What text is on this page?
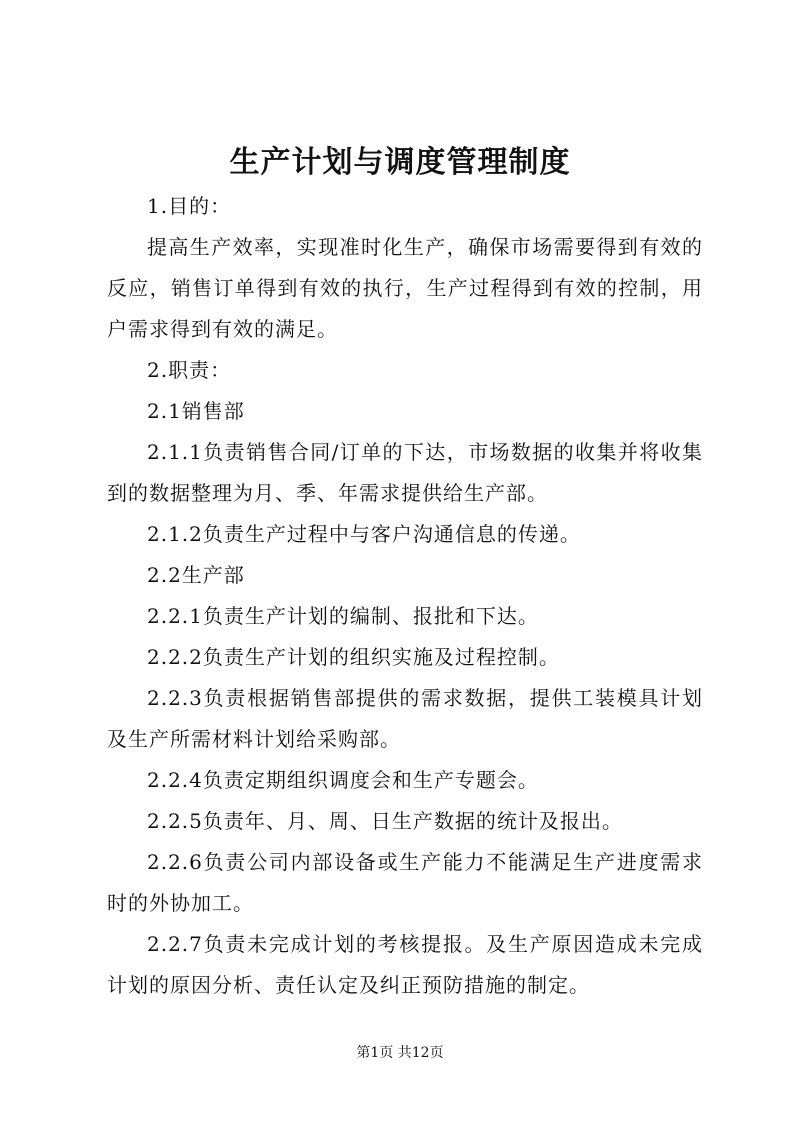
生产计划与调度管理制度

1.目的：

提高生产效率，实现准时化生产，确保市场需要得到有效的反应，销售订单得到有效的执行，生产过程得到有效的控制，用户需求得到有效的满足。

2.职责：

2.1销售部

2.1.1负责销售合同/订单的下达，市场数据的收集并将收集到的数据整理为月、季、年需求提供给生产部。

2.1.2负责生产过程中与客户沟通信息的传递。

2.2生产部

2.2.1负责生产计划的编制、报批和下达。

2.2.2负责生产计划的组织实施及过程控制。

2.2.3负责根据销售部提供的需求数据，提供工装模具计划及生产所需材料计划给采购部。

2.2.4负责定期组织调度会和生产专题会。

2.2.5负责年、月、周、日生产数据的统计及报出。

2.2.6负责公司内部设备或生产能力不能满足生产进度需求时的外协加工。

2.2.7负责未完成计划的考核提报。及生产原因造成未完成计划的原因分析、责任认定及纠正预防措施的制定。

第1页 共12页
